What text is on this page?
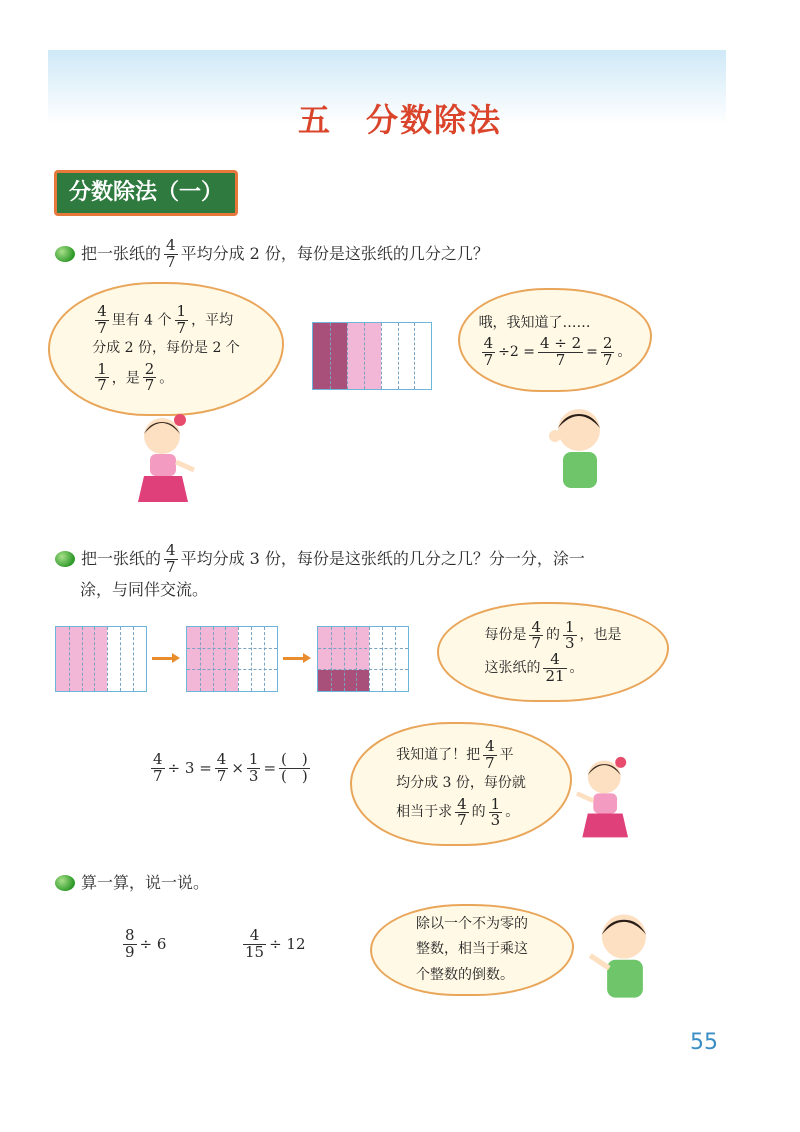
五　分数除法
分数除法（一）
把一张纸的 $\frac{4}{7}$ 平均分成 2 份，每份是这张纸的几分之几？
$\frac{4}{7}$ 里有 4 个 $\frac{1}{7}$ ，平均
分成 2 份，每份是 2 个
$\frac{1}{7}$ ，是 $\frac{2}{7}$ 。
哦，我知道了……
$\frac{4}{7} \div 2 = \frac{4 \div 2}{7} = \frac{2}{7}$ 。
把一张纸的 $\frac{4}{7}$ 平均分成 3 份，每份是这张纸的几分之几？分一分，涂一
涂，与同伴交流。
每份是 $\frac{4}{7}$ 的 $\frac{1}{3}$ ，也是
这张纸的 $\frac{4}{21}$ 。
$\frac{4}{7} \div 3 = \frac{4}{7} \times \frac{1}{3} = \frac{( )}{( )}$	我知道了！把 $\frac{4}{7}$ 平
均分成 3 份，每份就
相当于求 $\frac{4}{7}$ 的 $\frac{1}{3}$ 。
算一算，说一说。
$\frac{8}{9} \div 6$	$\frac{4}{15} \div 12$
除以一个不为零的
整数，相当于乘这
个整数的倒数。
55
